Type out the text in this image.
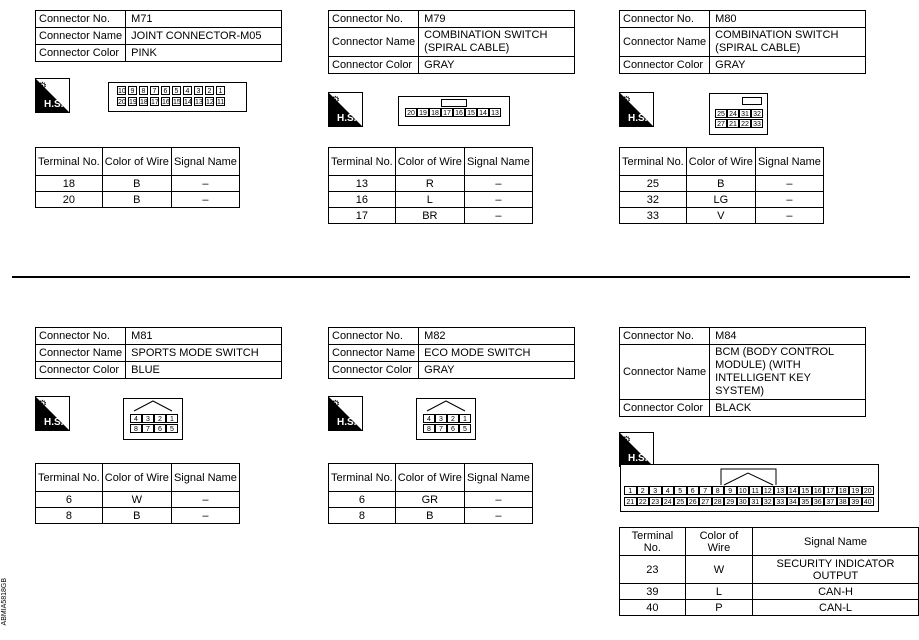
Connector No.	M71
Connector Name	JOINT CONNECTOR-M05
Connector Color	PINK
⚙
H.S.
10 9	8	7	6	5	4	3	2	1
20 19 18 17 16 15 14 13 12 11
Terminal No.	Color of Wire	Signal Name
18	B	–
20	B	–
Connector No.	M79
Connector Name	COMBINATION SWITCH (SPIRAL CABLE)
Connector Color	GRAY
⚙
H.S.	20 19 18 17 16 15 14 13
Terminal No.	Color of Wire	Signal Name
13	R	–
16	L	–
17	BR	–
Connector No.	M80
Connector Name	COMBINATION SWITCH (SPIRAL CABLE)
Connector Color	GRAY
⚙
H.S.	25 24 31 32
27 21 22 33
Terminal No.	Color of Wire	Signal Name
25	B	–
32	LG	–
33	V	–
Connector No.	M81
Connector Name	SPORTS MODE SWITCH
Connector Color	BLUE
⚙
H.S.	4	3	2	1
8	7	6	5
Terminal No.	Color of Wire	Signal Name
6	W	–
8	B	–
Connector No.	M82
Connector Name	ECO MODE SWITCH
Connector Color	GRAY
⚙
H.S.	4	3	2	1
8	7	6	5
Terminal No.	Color of Wire	Signal Name
6	GR	–
8	B	–
Connector No.	M84
Connector Name	BCM (BODY CONTROL MODULE) (WITH INTELLIGENT KEY SYSTEM)
Connector Color	BLACK
⚙
H.S.
1	2	3	4	5	6	7	8	9 10 11 12 13 14 15 16 17 18 19 20
21 22 23 24 25 26 27 28 29 30 31 32 33 34 35 36 37 38 39 40
Terminal No.	Color of Wire	Signal Name
23	W	SECURITY INDICATOR OUTPUT
39	L	CAN-H
40	P	CAN-L
ABMIA5818GB
